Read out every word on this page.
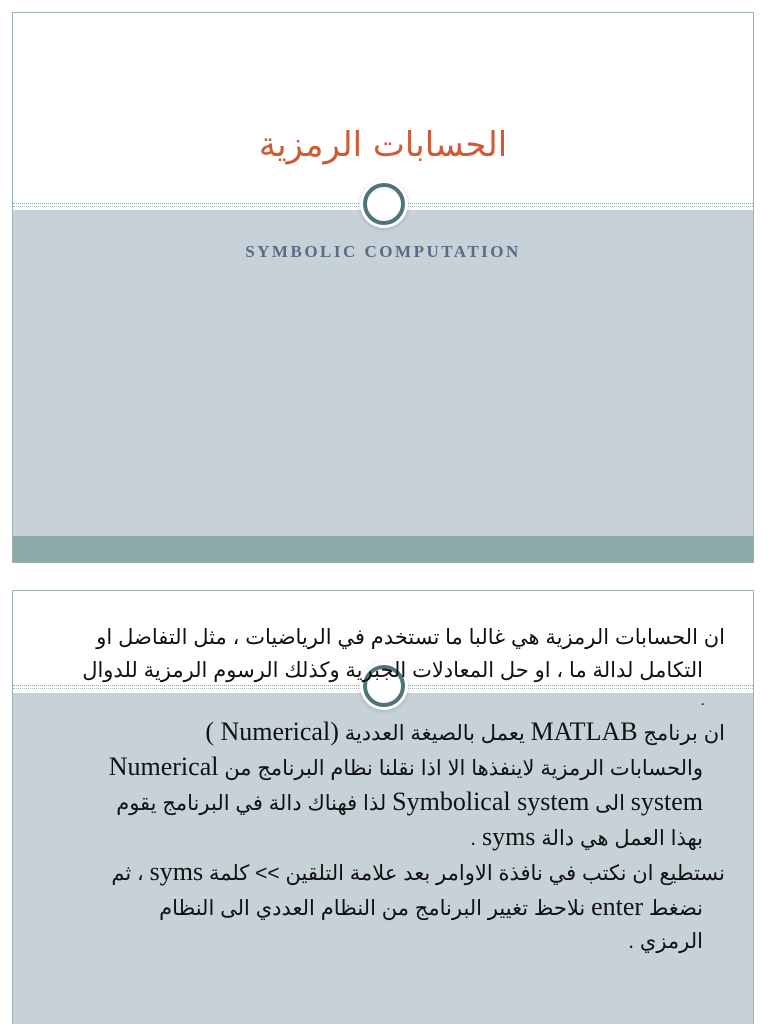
الحسابات الرمزية
SYMBOLIC COMPUTATION

ان الحسابات الرمزية هي غالبا ما تستخدم في الرياضيات ، مثل التفاضل او
التكامل لدالة ما ، او حل المعادلات الجبرية وكذلك الرسوم الرمزية للدوال
.

ان برنامج MATLAB يعمل بالصيغة العددية ( Numerical)
والحسابات الرمزية لاينفذها الا اذا نقلنا نظام البرنامج من Numerical
system الى Symbolical system لذا فهناك دالة في البرنامج يقوم
بهذا العمل هي دالة syms .

نستطيع ان نكتب في نافذة الاوامر بعد علامة التلقين >> كلمة syms ، ثم
نضغط enter نلاحظ تغيير البرنامج من النظام العددي الى النظام
الرمزي .
